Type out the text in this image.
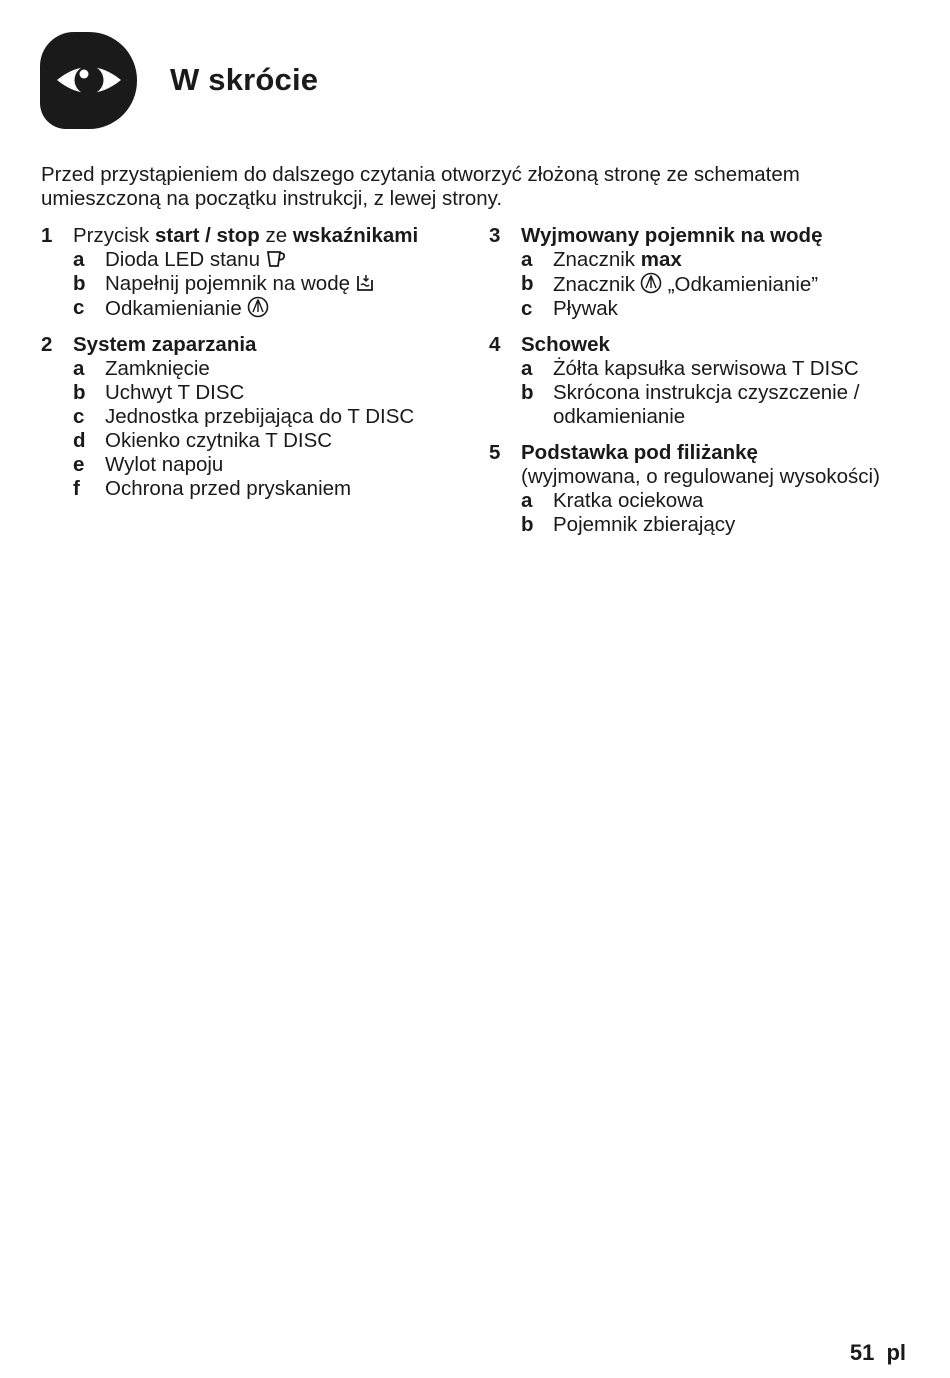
W skrócie

Przed przystąpieniem do dalszego czytania otworzyć złożoną stronę ze schematem umieszczoną na początku instrukcji, z lewej strony.

1	Przycisk start / stop ze wskaźnikami
a	Dioda LED stanu
b Napełnij pojemnik na wodę
c	Odkamienianie
2	System zaparzania
a	Zamknięcie
b Uchwyt T DISC
c	Jednostka przebijająca do T DISC
d Okienko czytnika T DISC
e	Wylot napoju
f	Ochrona przed pryskaniem
3	Wyjmowany pojemnik na wodę
a	Znacznik max
b Znacznik „Odkamienianie”
c	Pływak
4	Schowek
a	Żółta kapsułka serwisowa T DISC
b Skrócona instrukcja czyszczenie / odkamienianie
5	Podstawka pod filiżankę
(wyjmowana, o regulowanej wysokości)
a	Kratka ociekowa
b Pojemnik zbierający
51 pl
